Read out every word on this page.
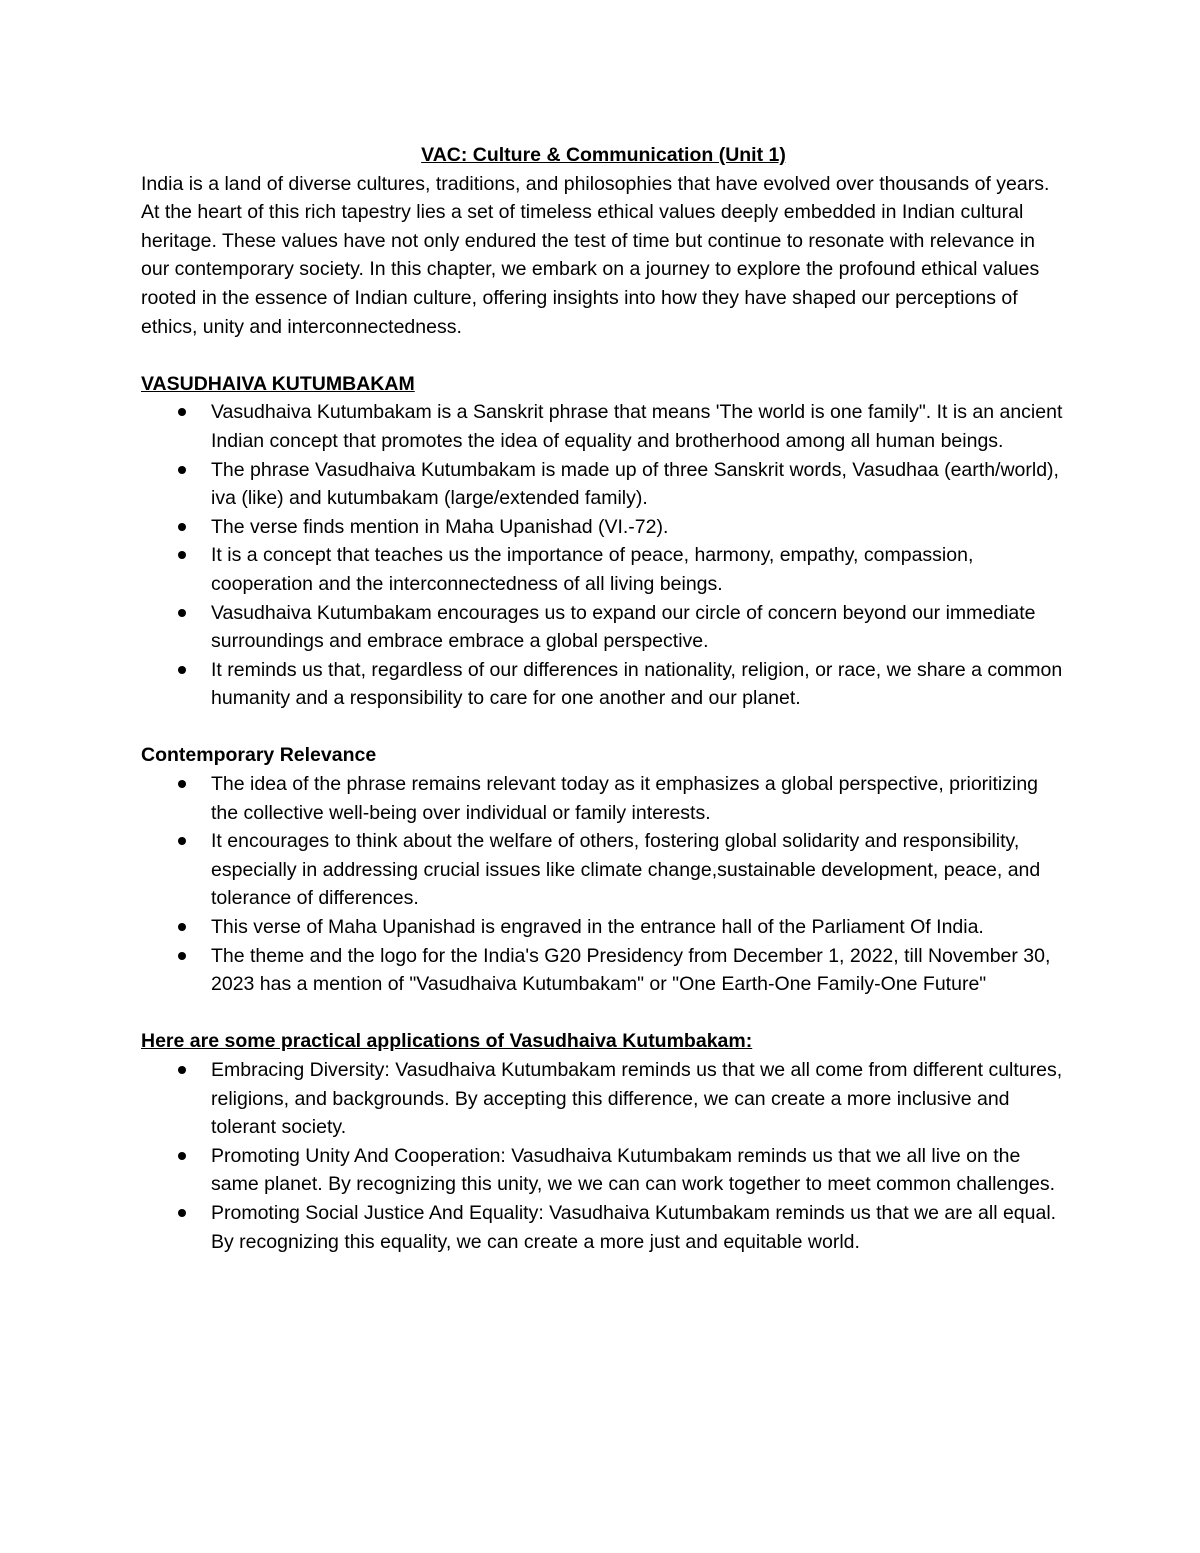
VAC: Culture & Communication (Unit 1)

India is a land of diverse cultures, traditions, and philosophies that have evolved over thousands of years. At the heart of this rich tapestry lies a set of timeless ethical values deeply embedded in Indian cultural heritage. These values have not only endured the test of time but continue to resonate with relevance in our contemporary society. In this chapter, we embark on a journey to explore the profound ethical values rooted in the essence of Indian culture, offering insights into how they have shaped our perceptions of ethics, unity and interconnectedness.

VASUDHAIVA KUTUMBAKAM
Vasudhaiva Kutumbakam is a Sanskrit phrase that means 'The world is one family". It is an ancient Indian concept that promotes the idea of equality and brotherhood among all human beings.
The phrase Vasudhaiva Kutumbakam is made up of three Sanskrit words, Vasudhaa (earth/world), iva (like) and kutumbakam (large/extended family).
The verse finds mention in Maha Upanishad (VI.-72).
It is a concept that teaches us the importance of peace, harmony, empathy, compassion, cooperation and the interconnectedness of all living beings.
Vasudhaiva Kutumbakam encourages us to expand our circle of concern beyond our immediate surroundings and embrace embrace a global perspective.
It reminds us that, regardless of our differences in nationality, religion, or race, we share a common humanity and a responsibility to care for one another and our planet.
Contemporary Relevance
The idea of the phrase remains relevant today as it emphasizes a global perspective, prioritizing the collective well-being over individual or family interests.
It encourages to think about the welfare of others, fostering global solidarity and responsibility, especially in addressing crucial issues like climate change,sustainable development, peace, and tolerance of differences.
This verse of Maha Upanishad is engraved in the entrance hall of the Parliament Of India.
The theme and the logo for the India's G20 Presidency from December 1, 2022, till November 30, 2023 has a mention of "Vasudhaiva Kutumbakam" or "One Earth-One Family-One Future"
Here are some practical applications of Vasudhaiva Kutumbakam:
Embracing Diversity: Vasudhaiva Kutumbakam reminds us that we all come from different cultures, religions, and backgrounds. By accepting this difference, we can create a more inclusive and tolerant society.
Promoting Unity And Cooperation: Vasudhaiva Kutumbakam reminds us that we all live on the same planet. By recognizing this unity, we we can can work together to meet common challenges.
Promoting Social Justice And Equality: Vasudhaiva Kutumbakam reminds us that we are all equal. By recognizing this equality, we can create a more just and equitable world.
